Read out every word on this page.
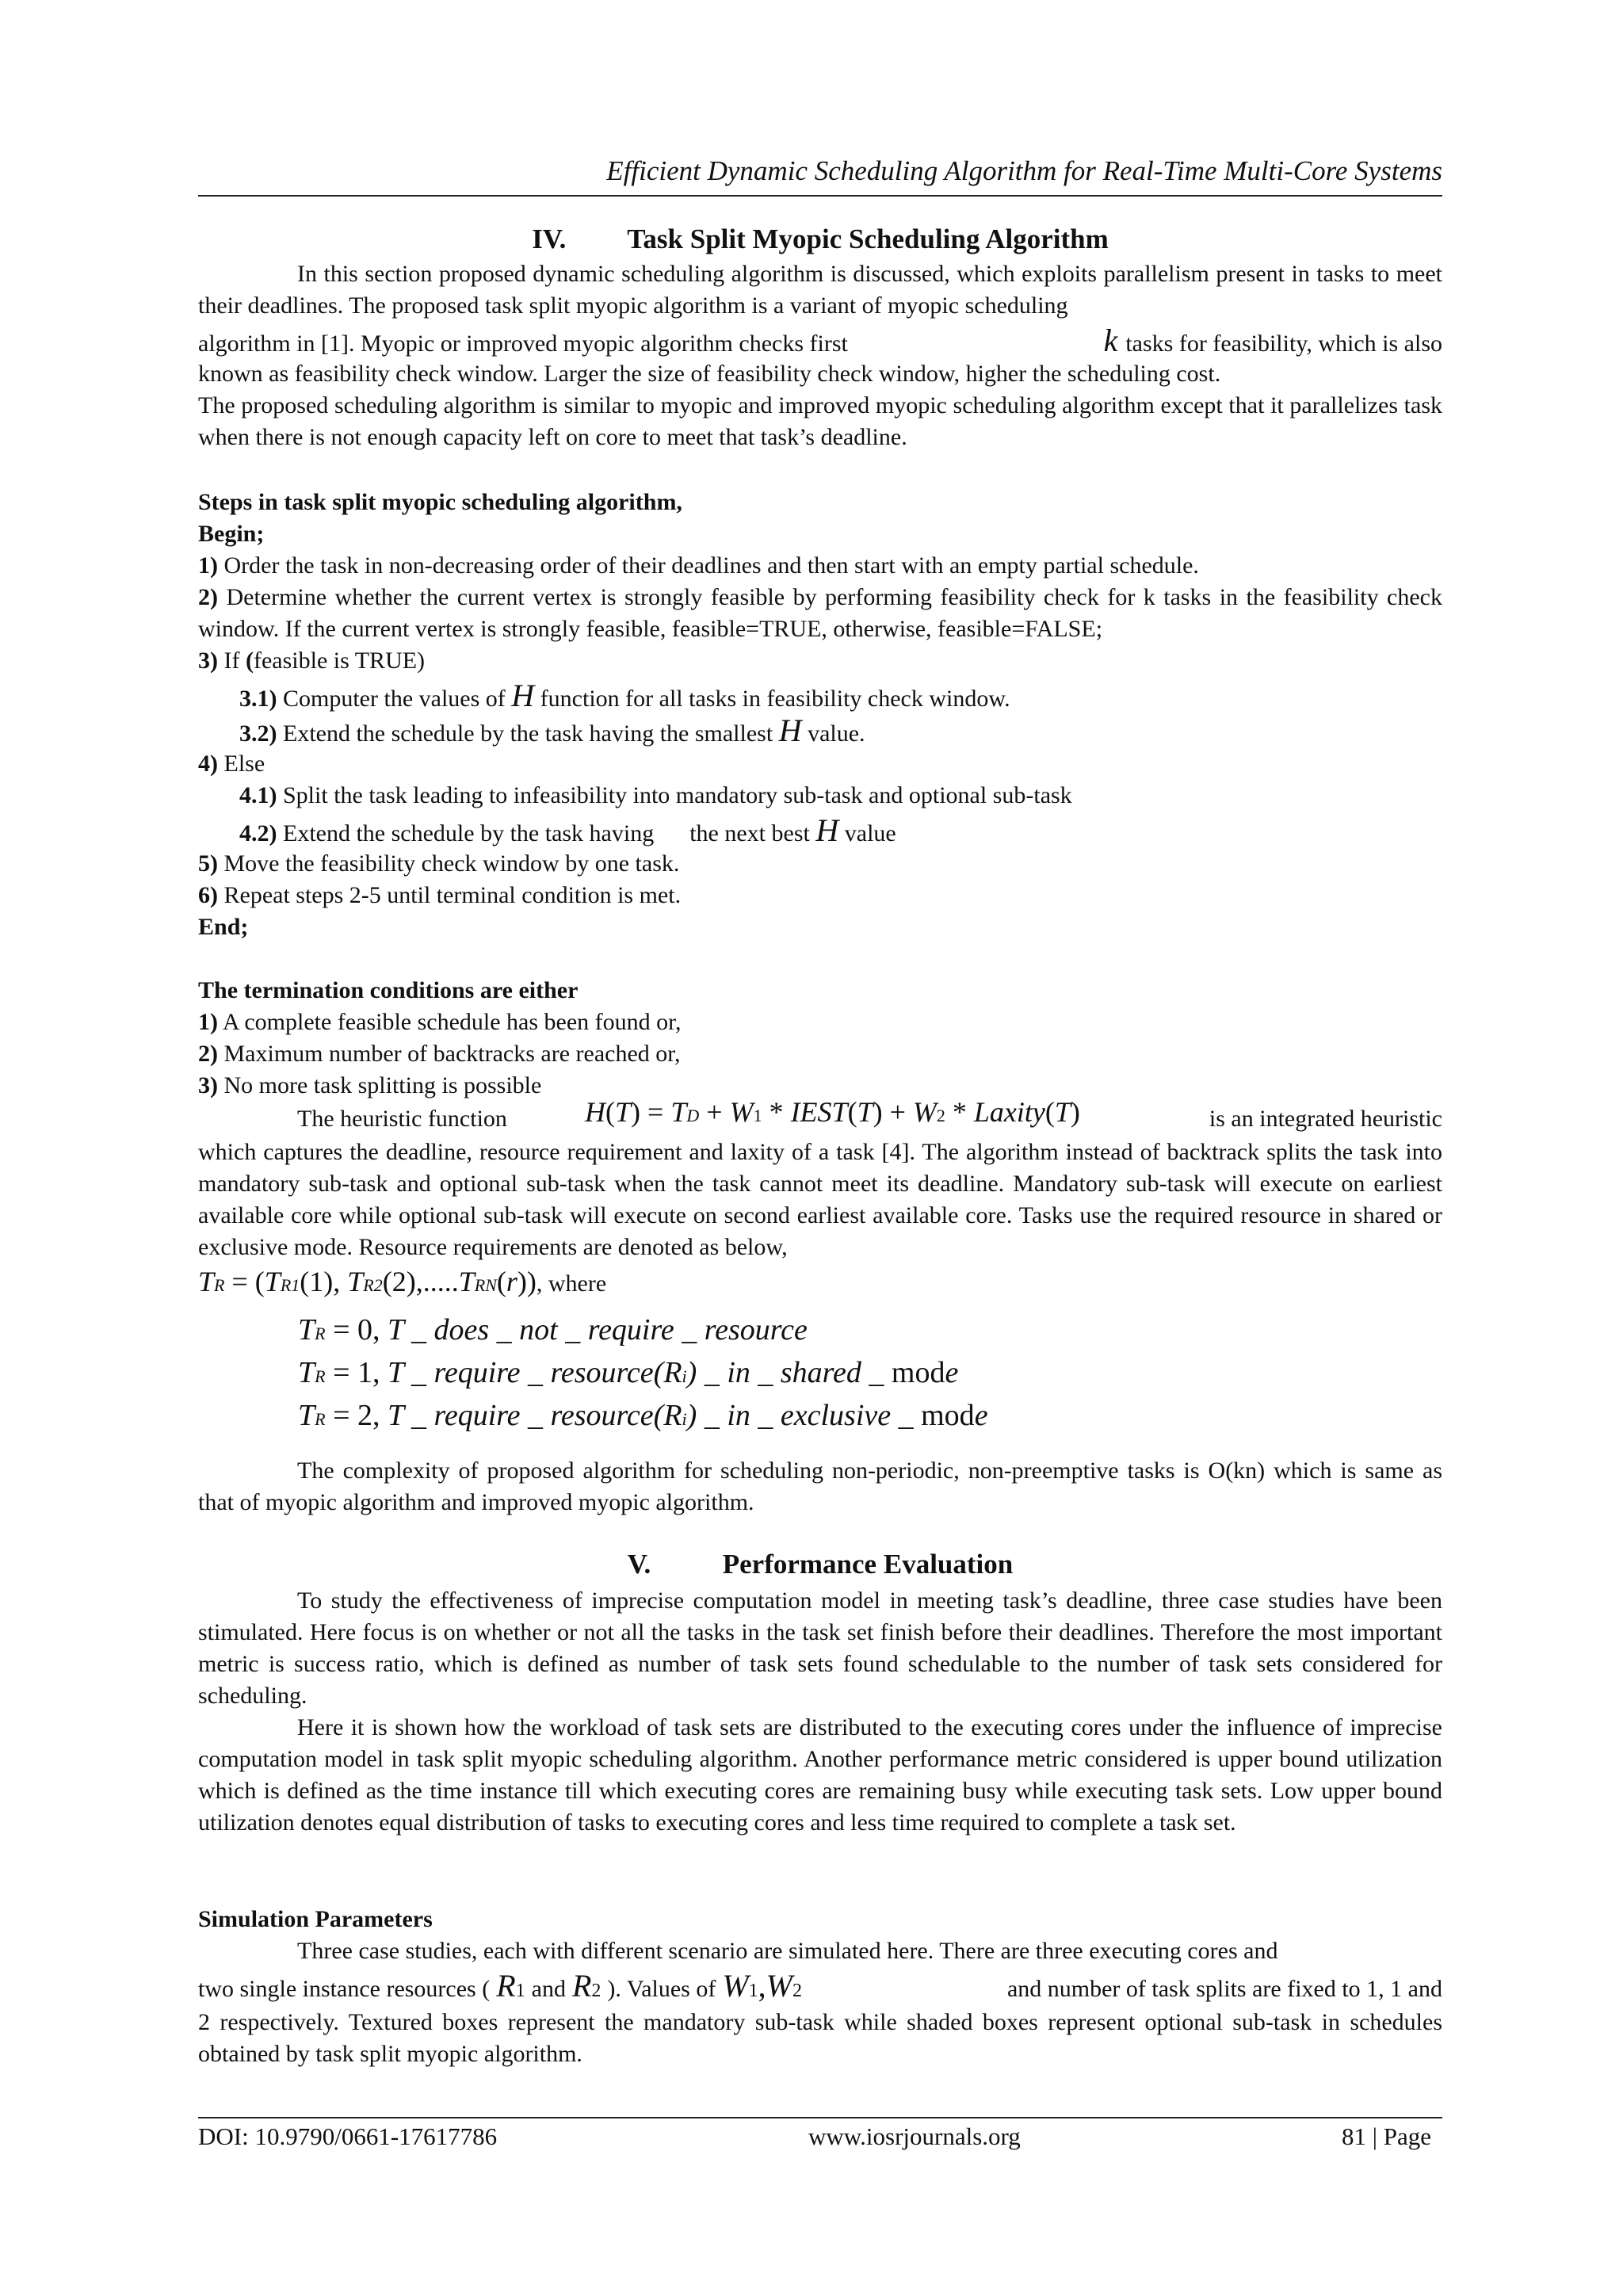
Efficient Dynamic Scheduling Algorithm for Real-Time Multi-Core Systems
IV. Task Split Myopic Scheduling Algorithm
In this section proposed dynamic scheduling algorithm is discussed, which exploits parallelism present in tasks to meet their deadlines. The proposed task split myopic algorithm is a variant of myopic scheduling
algorithm in [1]. Myopic or improved myopic algorithm checks first	k tasks for feasibility, which is also
known as feasibility check window. Larger the size of feasibility check window, higher the scheduling cost.
The proposed scheduling algorithm is similar to myopic and improved myopic scheduling algorithm except that it parallelizes task when there is not enough capacity left on core to meet that task’s deadline.
Steps in task split myopic scheduling algorithm,
Begin;
1) Order the task in non-decreasing order of their deadlines and then start with an empty partial schedule.
2) Determine whether the current vertex is strongly feasible by performing feasibility check for k tasks in the feasibility check window. If the current vertex is strongly feasible, feasible=TRUE, otherwise, feasible=FALSE;
3) If (feasible is TRUE)
3.1) Computer the values of H function for all tasks in feasibility check window.
3.2) Extend the schedule by the task having the smallest H value.
4) Else
4.1) Split the task leading to infeasibility into mandatory sub-task and optional sub-task
4.2) Extend the schedule by the task having the next best H value
5) Move the feasibility check window by one task.
6) Repeat steps 2-5 until terminal condition is met.
End;
The termination conditions are either
1) A complete feasible schedule has been found or,
2) Maximum number of backtracks are reached or,
3) No more task splitting is possible
The heuristic function	H(T) = TD + W1 * IEST(T) + W2 * Laxity(T)	is an integrated heuristic
which captures the deadline, resource requirement and laxity of a task [4]. The algorithm instead of backtrack splits the task into mandatory sub-task and optional sub-task when the task cannot meet its deadline. Mandatory sub-task will execute on earliest available core while optional sub-task will execute on second earliest available core. Tasks use the required resource in shared or exclusive mode. Resource requirements are denoted as below,
TR = (TR1(1), TR2(2),.....TRN(r)), where
TR = 0, T _ does _ not _ require _ resource
TR = 1, T _ require _ resource(Ri) _ in _ shared _ mode
TR = 2, T _ require _ resource(Ri) _ in _ exclusive _ mode
The complexity of proposed algorithm for scheduling non-periodic, non-preemptive tasks is O(kn) which is same as that of myopic algorithm and improved myopic algorithm.
V.	Performance Evaluation
To study the effectiveness of imprecise computation model in meeting task’s deadline, three case studies have been stimulated. Here focus is on whether or not all the tasks in the task set finish before their deadlines. Therefore the most important metric is success ratio, which is defined as number of task sets found schedulable to the number of task sets considered for scheduling.
Here it is shown how the workload of task sets are distributed to the executing cores under the influence of imprecise computation model in task split myopic scheduling algorithm. Another performance metric considered is upper bound utilization which is defined as the time instance till which executing cores are remaining busy while executing task sets. Low upper bound utilization denotes equal distribution of tasks to executing cores and less time required to complete a task set.
Simulation Parameters
Three case studies, each with different scenario are simulated here. There are three executing cores and
two single instance resources ( R1 and R2 ). Values of W1,W2	and number of task splits are fixed to 1, 1 and
2 respectively. Textured boxes represent the mandatory sub-task while shaded boxes represent optional sub-task in schedules obtained by task split myopic algorithm.
DOI: 10.9790/0661-17617786	www.iosrjournals.org	81 | Page
